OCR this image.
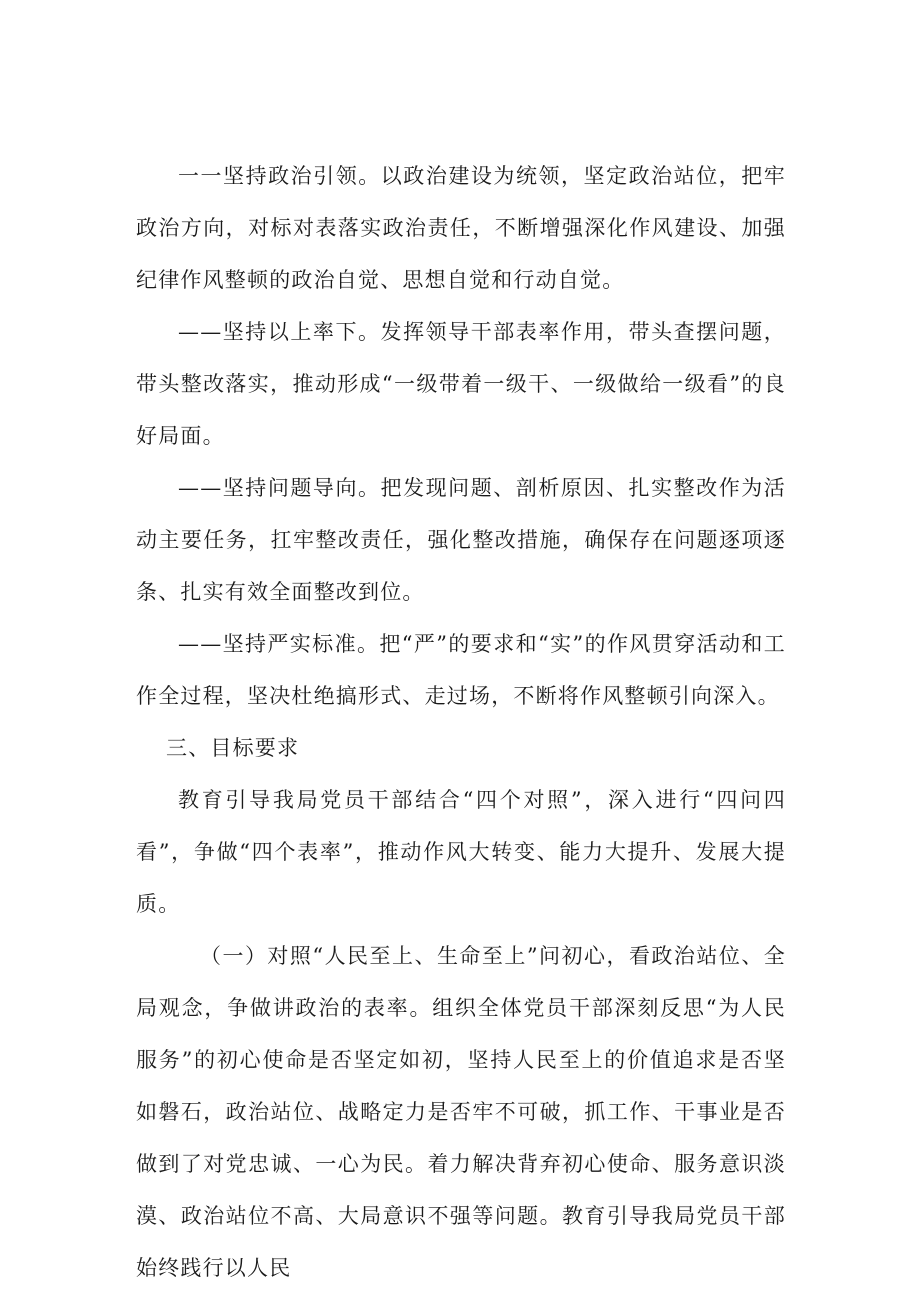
一一坚持政治引领。以政治建设为统领，坚定政治站位，把牢政治方向，对标对表落实政治责任，不断增强深化作风建设、加强纪律作风整顿的政治自觉、思想自觉和行动自觉。

——坚持以上率下。发挥领导干部表率作用，带头查摆问题，带头整改落实，推动形成“一级带着一级干、一级做给一级看”的良好局面。

——坚持问题导向。把发现问题、剖析原因、扎实整改作为活动主要任务，扛牢整改责任，强化整改措施，确保存在问题逐项逐条、扎实有效全面整改到位。

——坚持严实标准。把“严”的要求和“实”的作风贯穿活动和工作全过程，坚决杜绝搞形式、走过场，不断将作风整顿引向深入。

三、目标要求

教育引导我局党员干部结合“四个对照”，深入进行“四问四看”，争做“四个表率”，推动作风大转变、能力大提升、发展大提质。

（一）对照“人民至上、生命至上”问初心，看政治站位、全局观念，争做讲政治的表率。组织全体党员干部深刻反思“为人民服务”的初心使命是否坚定如初，坚持人民至上的价值追求是否坚如磐石，政治站位、战略定力是否牢不可破，抓工作、干事业是否做到了对党忠诚、一心为民。着力解决背弃初心使命、服务意识淡漠、政治站位不高、大局意识不强等问题。教育引导我局党员干部始终践行以人民
